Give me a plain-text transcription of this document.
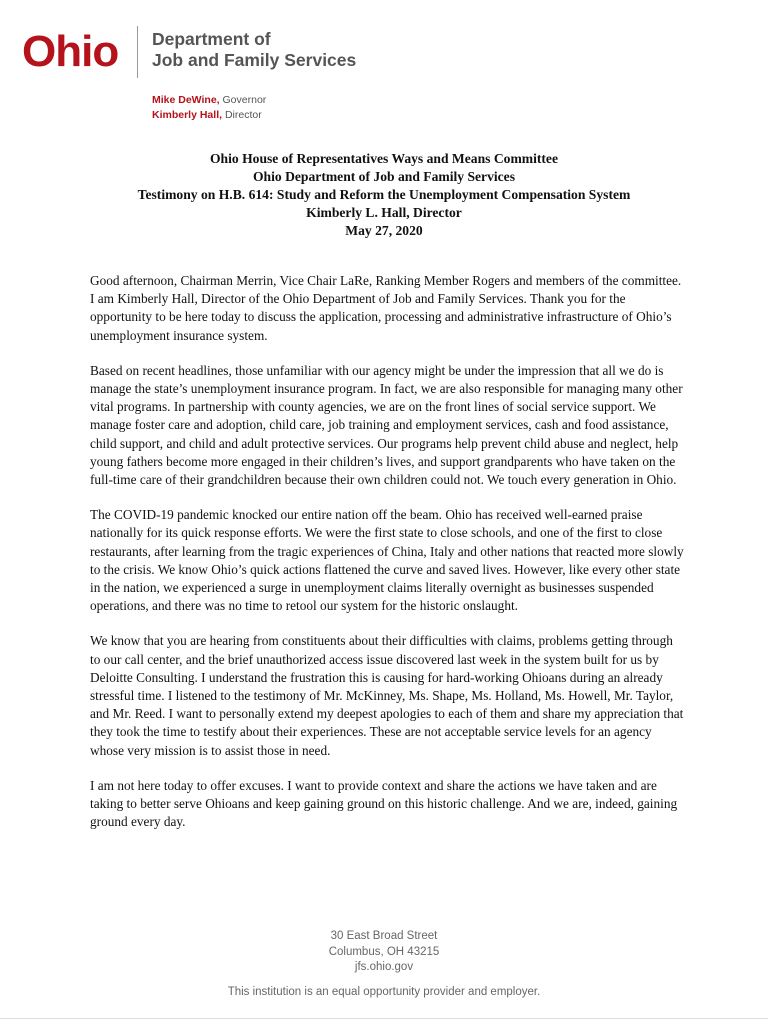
Ohio Department of
Job and Family Services
Mike DeWine, Governor
Kimberly Hall, Director
Ohio House of Representatives Ways and Means Committee
Ohio Department of Job and Family Services
Testimony on H.B. 614: Study and Reform the Unemployment Compensation System
Kimberly L. Hall, Director
May 27, 2020

Good afternoon, Chairman Merrin, Vice Chair LaRe, Ranking Member Rogers and members of the committee. I am Kimberly Hall, Director of the Ohio Department of Job and Family Services. Thank you for the opportunity to be here today to discuss the application, processing and administrative infrastructure of Ohio’s unemployment insurance system.

Based on recent headlines, those unfamiliar with our agency might be under the impression that all we do is manage the state’s unemployment insurance program. In fact, we are also responsible for managing many other vital programs. In partnership with county agencies, we are on the front lines of social service support. We manage foster care and adoption, child care, job training and employment services, cash and food assistance, child support, and child and adult protective services. Our programs help prevent child abuse and neglect, help young fathers become more engaged in their children’s lives, and support grandparents who have taken on the full-time care of their grandchildren because their own children could not. We touch every generation in Ohio.

The COVID-19 pandemic knocked our entire nation off the beam. Ohio has received well-earned praise nationally for its quick response efforts. We were the first state to close schools, and one of the first to close restaurants, after learning from the tragic experiences of China, Italy and other nations that reacted more slowly to the crisis. We know Ohio’s quick actions flattened the curve and saved lives. However, like every other state in the nation, we experienced a surge in unemployment claims literally overnight as businesses suspended operations, and there was no time to retool our system for the historic onslaught.

We know that you are hearing from constituents about their difficulties with claims, problems getting through to our call center, and the brief unauthorized access issue discovered last week in the system built for us by Deloitte Consulting. I understand the frustration this is causing for hard-working Ohioans during an already stressful time. I listened to the testimony of Mr. McKinney, Ms. Shape, Ms. Holland, Ms. Howell, Mr. Taylor, and Mr. Reed. I want to personally extend my deepest apologies to each of them and share my appreciation that they took the time to testify about their experiences. These are not acceptable service levels for an agency whose very mission is to assist those in need.

I am not here today to offer excuses. I want to provide context and share the actions we have taken and are taking to better serve Ohioans and keep gaining ground on this historic challenge. And we are, indeed, gaining ground every day.

30 East Broad Street
Columbus, OH 43215
jfs.ohio.gov
This institution is an equal opportunity provider and employer.
